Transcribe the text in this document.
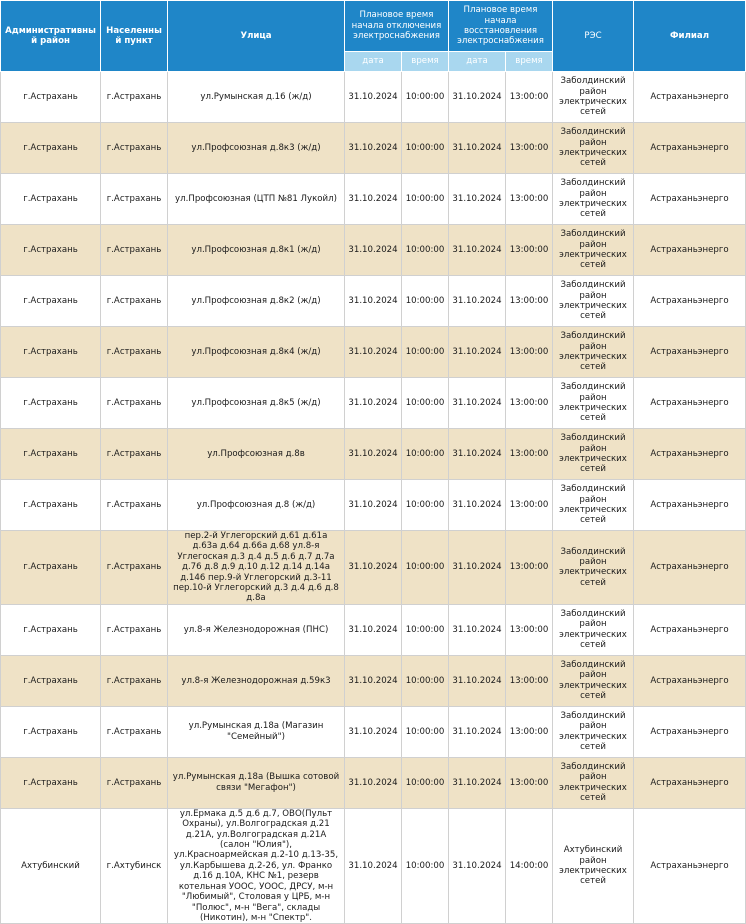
Административный район	Населенный пункт	Улица	Плановое время начала отключения электроснабжения		Плановое время начала восстановления электроснабжения		РЭС	Филиал
			дата	время	дата	время		
г.Астрахань	г.Астрахань	ул.Румынская д.16 (ж/д)	31.10.2024	10:00:00	31.10.2024	13:00:00	Заболдинский район электрических сетей	Астраханьэнерго
г.Астрахань	г.Астрахань	ул.Профсоюзная д.8к3 (ж/д)	31.10.2024	10:00:00	31.10.2024	13:00:00	Заболдинский район электрических сетей	Астраханьэнерго
г.Астрахань	г.Астрахань	ул.Профсоюзная (ЦТП №81 Лукойл)	31.10.2024	10:00:00	31.10.2024	13:00:00	Заболдинский район электрических сетей	Астраханьэнерго
г.Астрахань	г.Астрахань	ул.Профсоюзная д.8к1 (ж/д)	31.10.2024	10:00:00	31.10.2024	13:00:00	Заболдинский район электрических сетей	Астраханьэнерго
г.Астрахань	г.Астрахань	ул.Профсоюзная д.8к2 (ж/д)	31.10.2024	10:00:00	31.10.2024	13:00:00	Заболдинский район электрических сетей	Астраханьэнерго
г.Астрахань	г.Астрахань	ул.Профсоюзная д.8к4 (ж/д)	31.10.2024	10:00:00	31.10.2024	13:00:00	Заболдинский район электрических сетей	Астраханьэнерго
г.Астрахань	г.Астрахань	ул.Профсоюзная д.8к5 (ж/д)	31.10.2024	10:00:00	31.10.2024	13:00:00	Заболдинский район электрических сетей	Астраханьэнерго
г.Астрахань	г.Астрахань	ул.Профсоюзная д.8в	31.10.2024	10:00:00	31.10.2024	13:00:00	Заболдинский район электрических сетей	Астраханьэнерго
г.Астрахань	г.Астрахань	ул.Профсоюзная д.8 (ж/д)	31.10.2024	10:00:00	31.10.2024	13:00:00	Заболдинский район электрических сетей	Астраханьэнерго
г.Астрахань	г.Астрахань	пер.2-й Углегорский д.61 д.61а д.63а д.64 д.66а д.68 ул.8-я Углегоская д.3 д.4 д.5 д.6 д.7 д.7а д.76 д.8 д.9 д.10 д.12 д.14 д.14а д.146 пер.9-й Углегорский д.3-11 пер.10-й Углегорский д.3 д.4 д.6 д.8 д.8а	31.10.2024	10:00:00	31.10.2024	13:00:00	Заболдинский район электрических сетей	Астраханьэнерго
г.Астрахань	г.Астрахань	ул.8-я Железнодорожная (ПНС)	31.10.2024	10:00:00	31.10.2024	13:00:00	Заболдинский район электрических сетей	Астраханьэнерго
г.Астрахань	г.Астрахань	ул.8-я Железнодорожная д.59к3	31.10.2024	10:00:00	31.10.2024	13:00:00	Заболдинский район электрических сетей	Астраханьэнерго
г.Астрахань	г.Астрахань	ул.Румынская д.18а (Магазин "Семейный")	31.10.2024	10:00:00	31.10.2024	13:00:00	Заболдинский район электрических сетей	Астраханьэнерго
г.Астрахань	г.Астрахань	ул.Румынская д.18а (Вышка сотовой связи "Мегафон")	31.10.2024	10:00:00	31.10.2024	13:00:00	Заболдинский район электрических сетей	Астраханьэнерго
Ахтубинский	г.Ахтубинск	ул.Ермака д.5 д.6 д.7, ОВО(Пульт Охраны), ул.Волгоградская д.21 д.21А, ул.Волгоградская д.21А (салон "Юлия"), ул.Красноармейская д.2-10 д.13-35, ул.Карбышева д.2-26, ул. Франко д.16 д.10А, КНС №1, резерв котельная УООС, УООС, ДРСУ, м-н "Любимый", Столовая у ЦРБ, м-н "Полюс", м-н "Вега", склады (Никотин), м-н "Спектр".	31.10.2024	10:00:00	31.10.2024	14:00:00	Ахтубинский район электрических сетей	Астраханьэнерго
